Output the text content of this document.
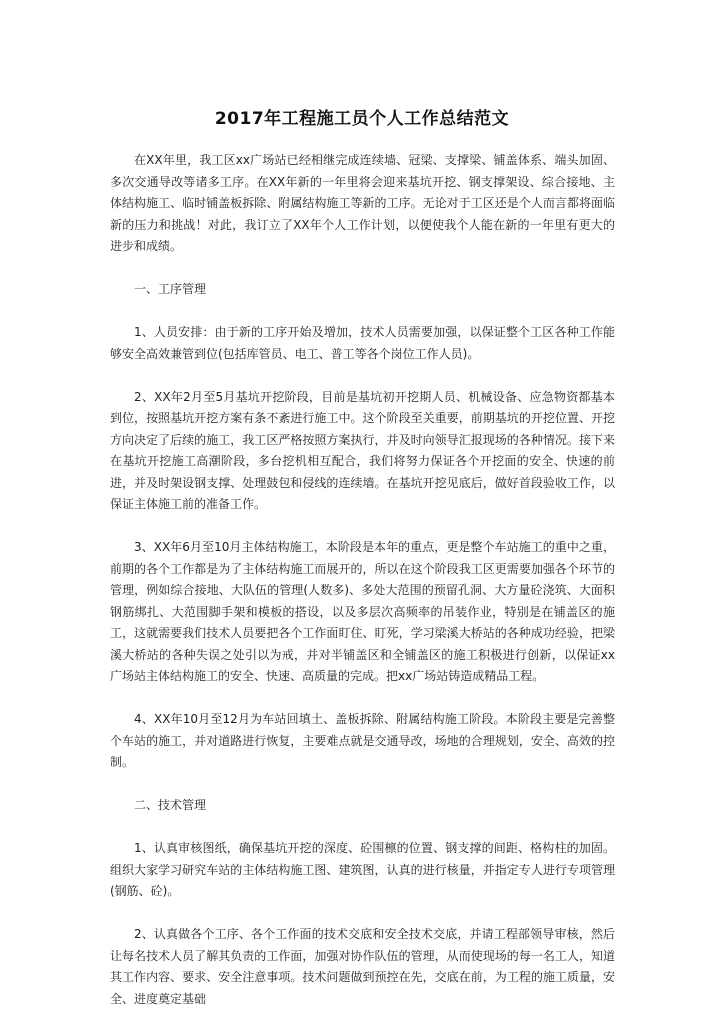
2017年工程施工员个人工作总结范文

在XX年里，我工区xx广场站已经相继完成连续墙、冠梁、支撑梁、铺盖体系、端头加固、多次交通导改等诸多工序。在XX年新的一年里将会迎来基坑开挖、钢支撑架设、综合接地、主体结构施工、临时铺盖板拆除、附属结构施工等新的工序。无论对于工区还是个人而言都将面临新的压力和挑战！对此，我订立了XX年个人工作计划，以便使我个人能在新的一年里有更大的进步和成绩。

一、工序管理

1、人员安排：由于新的工序开始及增加，技术人员需要加强，以保证整个工区各种工作能够安全高效兼管到位(包括库管员、电工、普工等各个岗位工作人员)。

2、XX年2月至5月基坑开挖阶段，目前是基坑初开挖期人员、机械设备、应急物资都基本到位，按照基坑开挖方案有条不紊进行施工中。这个阶段至关重要，前期基坑的开挖位置、开挖方向决定了后续的施工，我工区严格按照方案执行，并及时向领导汇报现场的各种情况。接下来在基坑开挖施工高潮阶段，多台挖机相互配合，我们将努力保证各个开挖面的安全、快速的前进，并及时架设钢支撑、处理鼓包和侵线的连续墙。在基坑开挖见底后，做好首段验收工作，以保证主体施工前的准备工作。

3、XX年6月至10月主体结构施工，本阶段是本年的重点，更是整个车站施工的重中之重，前期的各个工作都是为了主体结构施工而展开的，所以在这个阶段我工区更需要加强各个环节的管理，例如综合接地、大队伍的管理(人数多)、多处大范围的预留孔洞、大方量砼浇筑、大面积钢筋绑扎、大范围脚手架和模板的搭设，以及多层次高频率的吊装作业，特别是在铺盖区的施工，这就需要我们技术人员要把各个工作面盯住、盯死，学习梁溪大桥站的各种成功经验，把梁溪大桥站的各种失误之处引以为戒，并对半铺盖区和全铺盖区的施工积极进行创新，以保证xx广场站主体结构施工的安全、快速、高质量的完成。把xx广场站铸造成精品工程。

4、XX年10月至12月为车站回填土、盖板拆除、附属结构施工阶段。本阶段主要是完善整个车站的施工，并对道路进行恢复，主要难点就是交通导改，场地的合理规划，安全、高效的控制。

二、技术管理

1、认真审核图纸，确保基坑开挖的深度、砼围檩的位置、钢支撑的间距、格构柱的加固。组织大家学习研究车站的主体结构施工图、建筑图，认真的进行核量，并指定专人进行专项管理(钢筋、砼)。

2、认真做各个工序、各个工作面的技术交底和安全技术交底，并请工程部领导审核，然后让每名技术人员了解其负责的工作面，加强对协作队伍的管理，从而使现场的每一名工人，知道其工作内容、要求、安全注意事项。技术问题做到预控在先，交底在前，为工程的施工质量，安全、进度奠定基础
